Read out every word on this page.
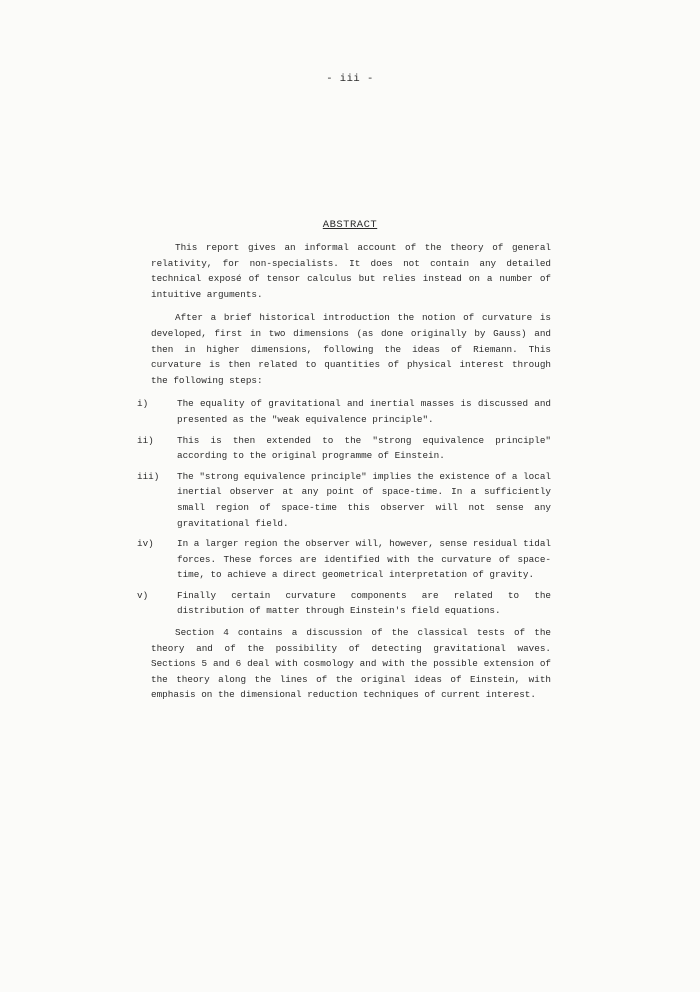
- iii -
ABSTRACT

This report gives an informal account of the theory of general relativity, for non-specialists. It does not contain any detailed technical exposé of tensor calculus but relies instead on a number of intuitive arguments.

After a brief historical introduction the notion of curvature is developed, first in two dimensions (as done originally by Gauss) and then in higher dimensions, following the ideas of Riemann. This curvature is then related to quantities of physical interest through the following steps:

i)	The equality of gravitational and inertial masses is discussed and presented as the "weak equivalence principle".
ii)	This is then extended to the "strong equivalence principle" according to the original programme of Einstein.
iii)	The "strong equivalence principle" implies the existence of a local inertial observer at any point of space-time. In a sufficiently small region of space-time this observer will not sense any gravitational field.
iv)	In a larger region the observer will, however, sense residual tidal forces. These forces are identified with the curvature of space-time, to achieve a direct geometrical interpretation of gravity.
v)	Finally certain curvature components are related to the distribution of matter through Einstein's field equations.

Section 4 contains a discussion of the classical tests of the theory and of the possibility of detecting gravitational waves. Sections 5 and 6 deal with cosmology and with the possible extension of the theory along the lines of the original ideas of Einstein, with emphasis on the dimensional reduction techniques of current interest.
